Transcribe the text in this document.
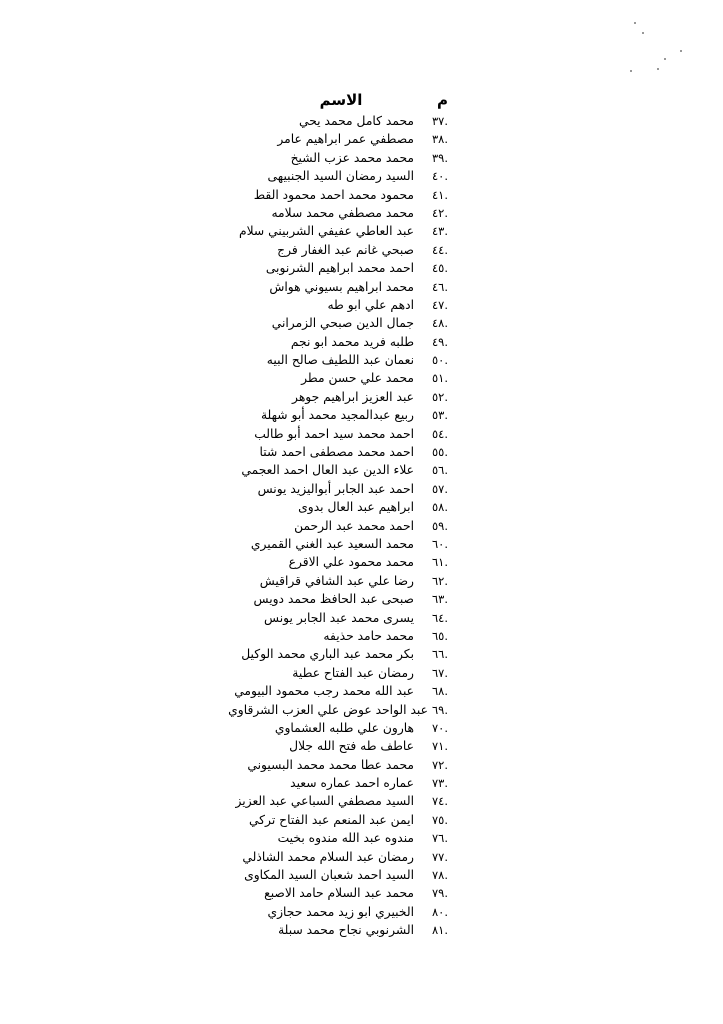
م
الاسم
.٣٧
محمد كامل محمد يحي
.٣٨
مصطفي عمر ابراهيم عامر
.٣٩
محمد محمد عزب الشيخ
.٤٠
السيد رمضان السيد الجنبيهى
.٤١
محمود محمد احمد محمود القط
.٤٢
محمد مصطفي محمد سلامه
.٤٣
عبد العاطي عفيفي الشربيني سلام
.٤٤
صبحي غانم عبد الغفار فرج
.٤٥
احمد محمد ابراهيم الشرنوبى
.٤٦
محمد ابراهيم بسيوني هواش
.٤٧
ادهم علي ابو طه
.٤٨
جمال الدين صبحي الزمراني
.٤٩
طلبه فريد محمد ابو نجم
.٥٠
نعمان عبد اللطيف صالح البيه
.٥١
محمد علي حسن مطر
.٥٢
عبد العزيز ابراهيم جوهر
.٥٣
ربيع عبدالمجيد محمد أبو شهلة
.٥٤
احمد محمد سيد احمد أبو طالب
.٥٥
احمد محمد مصطفى احمد شتا
.٥٦
علاء الدين عبد العال احمد العجمي
.٥٧
احمد عبد الجابر أبواليزيد يونس
.٥٨
ابراهيم عبد العال بدوى
.٥٩
احمد محمد عبد الرحمن
.٦٠
محمد السعيد عبد الغني القميري
.٦١
محمد محمود علي الاقرع
.٦٢
رضا علي عبد الشافي قراقيش
.٦٣
صبحى عبد الحافظ محمد دويس
.٦٤
يسرى محمد عبد الجابر يونس
.٦٥
محمد حامد حذيفه
.٦٦
بكر محمد عبد الباري محمد الوكيل
.٦٧
رمضان عبد الفتاح عطية
.٦٨
عبد الله محمد رجب محمود البيومي
.٦٩
عبد الواحد عوض علي العزب الشرقاوي
.٧٠
هارون علي طلبه العشماوي
.٧١
عاطف طه فتح الله جلال
.٧٢
محمد عطا محمد محمد البسيوني
.٧٣
عماره احمد عماره سعيد
.٧٤
السيد مصطفي السباعي عبد العزيز
.٧٥
ايمن عبد المنعم عبد الفتاح تركي
.٧٦
مندوه عبد الله مندوه بخيت
.٧٧
رمضان عبد السلام محمد الشاذلي
.٧٨
السيد احمد شعبان السيد المكاوى
.٧٩
محمد عبد السلام حامد الاصبع
.٨٠
الخبيري ابو زيد محمد حجازي
.٨١
الشرنوبي نجاح محمد سبلة
